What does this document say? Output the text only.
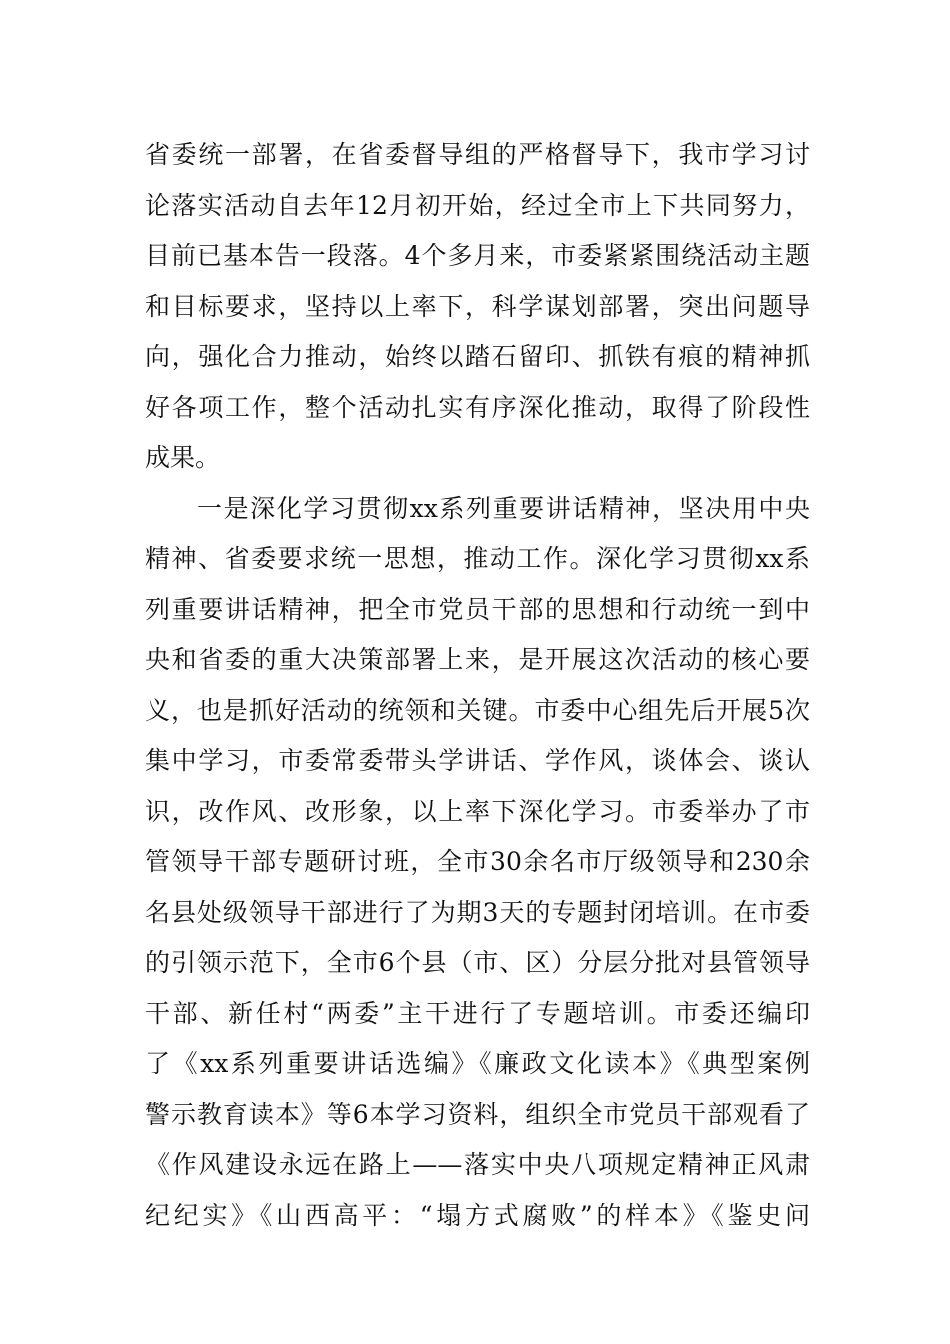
省委统一部署，在省委督导组的严格督导下，我市学习讨
论落实活动自去年12月初开始，经过全市上下共同努力，
目前已基本告一段落。4个多月来，市委紧紧围绕活动主题
和目标要求，坚持以上率下，科学谋划部署，突出问题导
向，强化合力推动，始终以踏石留印、抓铁有痕的精神抓
好各项工作，整个活动扎实有序深化推动，取得了阶段性
成果。
一是深化学习贯彻xx系列重要讲话精神，坚决用中央
精神、省委要求统一思想，推动工作。深化学习贯彻xx系
列重要讲话精神，把全市党员干部的思想和行动统一到中
央和省委的重大决策部署上来，是开展这次活动的核心要
义，也是抓好活动的统领和关键。市委中心组先后开展5次
集中学习，市委常委带头学讲话、学作风，谈体会、谈认
识，改作风、改形象，以上率下深化学习。市委举办了市
管领导干部专题研讨班，全市30余名市厅级领导和230余
名县处级领导干部进行了为期3天的专题封闭培训。在市委
的引领示范下，全市6个县（市、区）分层分批对县管领导
干部、新任村“两委”主干进行了专题培训。市委还编印
了《xx系列重要讲话选编》《廉政文化读本》《典型案例
警示教育读本》等6本学习资料，组织全市党员干部观看了
《作风建设永远在路上——落实中央八项规定精神正风肃
纪纪实》《山西高平：“塌方式腐败”的样本》《鉴史问
